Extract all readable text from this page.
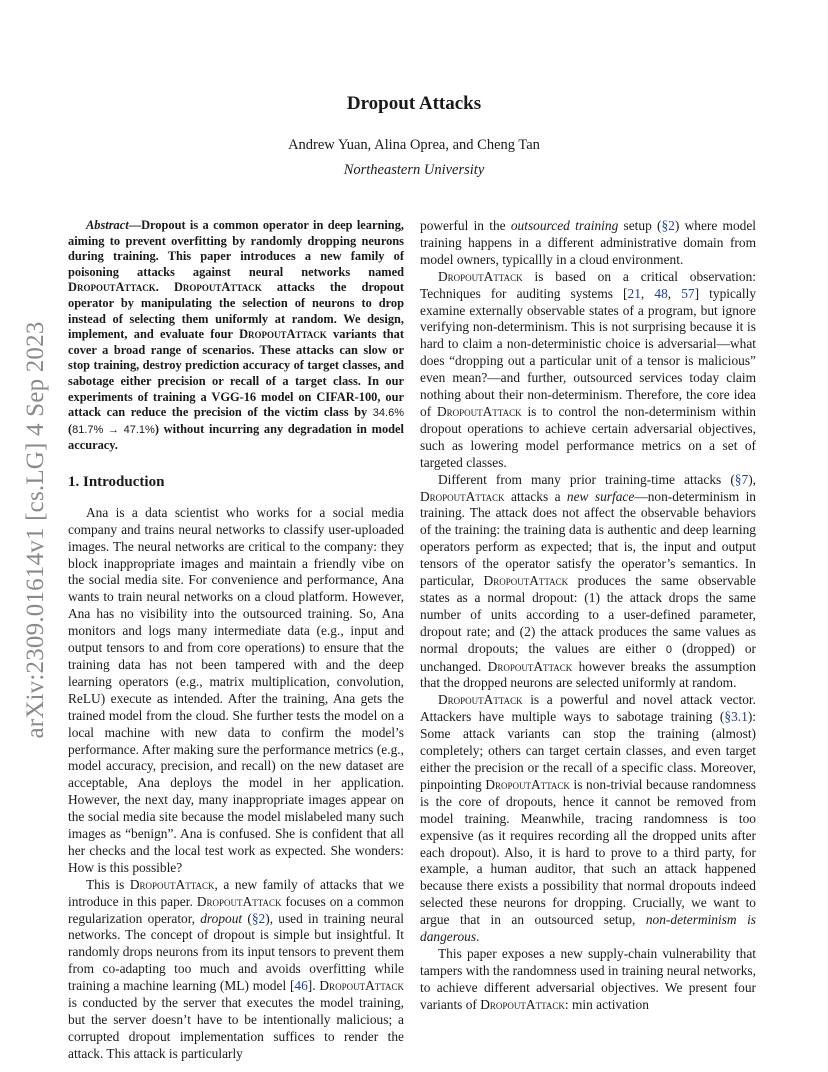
arXiv:2309.01614v1 [cs.LG] 4 Sep 2023
Dropout Attacks
Andrew Yuan, Alina Oprea, and Cheng Tan
Northeastern University

Abstract—Dropout is a common operator in deep learning, aiming to prevent overfitting by randomly dropping neurons during training. This paper introduces a new family of poisoning attacks against neural networks named DropoutAttack. DropoutAttack attacks the dropout operator by manipulating the selection of neurons to drop instead of selecting them uniformly at random. We design, implement, and evaluate four DropoutAttack variants that cover a broad range of scenarios. These attacks can slow or stop training, destroy prediction accuracy of target classes, and sabotage either precision or recall of a target class. In our experiments of training a VGG-16 model on CIFAR-100, our attack can reduce the precision of the victim class by 34.6% (81.7% → 47.1%) without incurring any degradation in model accuracy.

1. Introduction

Ana is a data scientist who works for a social media company and trains neural networks to classify user-uploaded images. The neural networks are critical to the company: they block inappropriate images and maintain a friendly vibe on the social media site. For convenience and performance, Ana wants to train neural networks on a cloud platform. However, Ana has no visibility into the outsourced training. So, Ana monitors and logs many intermediate data (e.g., input and output tensors to and from core operations) to ensure that the training data has not been tampered with and the deep learning operators (e.g., matrix multiplication, convolution, ReLU) execute as intended. After the training, Ana gets the trained model from the cloud. She further tests the model on a local machine with new data to confirm the model’s performance. After making sure the performance metrics (e.g., model accuracy, precision, and recall) on the new dataset are acceptable, Ana deploys the model in her application. However, the next day, many inappropriate images appear on the social media site because the model mislabeled many such images as “benign”. Ana is confused. She is confident that all her checks and the local test work as expected. She wonders: How is this possible?

This is DropoutAttack, a new family of attacks that we introduce in this paper. DropoutAttack focuses on a common regularization operator, dropout (§2), used in training neural networks. The concept of dropout is simple but insightful. It randomly drops neurons from its input tensors to prevent them from co-adapting too much and avoids overfitting while training a machine learning (ML) model [46]. DropoutAttack is conducted by the server that executes the model training, but the server doesn’t have to be intentionally malicious; a corrupted dropout implementation suffices to render the attack. This attack is particularly

powerful in the outsourced training setup (§2) where model training happens in a different administrative domain from model owners, typicallly in a cloud environment.

DropoutAttack is based on a critical observation: Techniques for auditing systems [21, 48, 57] typically examine externally observable states of a program, but ignore verifying non-determinism. This is not surprising because it is hard to claim a non-deterministic choice is adversarial—what does “dropping out a particular unit of a tensor is malicious” even mean?—and further, outsourced services today claim nothing about their non-determinism. Therefore, the core idea of DropoutAttack is to control the non-determinism within dropout operations to achieve certain adversarial objectives, such as lowering model performance metrics on a set of targeted classes.

Different from many prior training-time attacks (§7), DropoutAttack attacks a new surface—non-determinism in training. The attack does not affect the observable behaviors of the training: the training data is authentic and deep learning operators perform as expected; that is, the input and output tensors of the operator satisfy the operator’s semantics. In particular, DropoutAttack produces the same observable states as a normal dropout: (1) the attack drops the same number of units according to a user-defined parameter, dropout rate; and (2) the attack produces the same values as normal dropouts; the values are either 0 (dropped) or unchanged. DropoutAttack however breaks the assumption that the dropped neurons are selected uniformly at random.

DropoutAttack is a powerful and novel attack vector. Attackers have multiple ways to sabotage training (§3.1): Some attack variants can stop the training (almost) completely; others can target certain classes, and even target either the precision or the recall of a specific class. Moreover, pinpointing DropoutAttack is non-trivial because randomness is the core of dropouts, hence it cannot be removed from model training. Meanwhile, tracing randomness is too expensive (as it requires recording all the dropped units after each dropout). Also, it is hard to prove to a third party, for example, a human auditor, that such an attack happened because there exists a possibility that normal dropouts indeed selected these neurons for dropping. Crucially, we want to argue that in an outsourced setup, non-determinism is dangerous.

This paper exposes a new supply-chain vulnerability that tampers with the randomness used in training neural networks, to achieve different adversarial objectives. We present four variants of DropoutAttack: min activation
